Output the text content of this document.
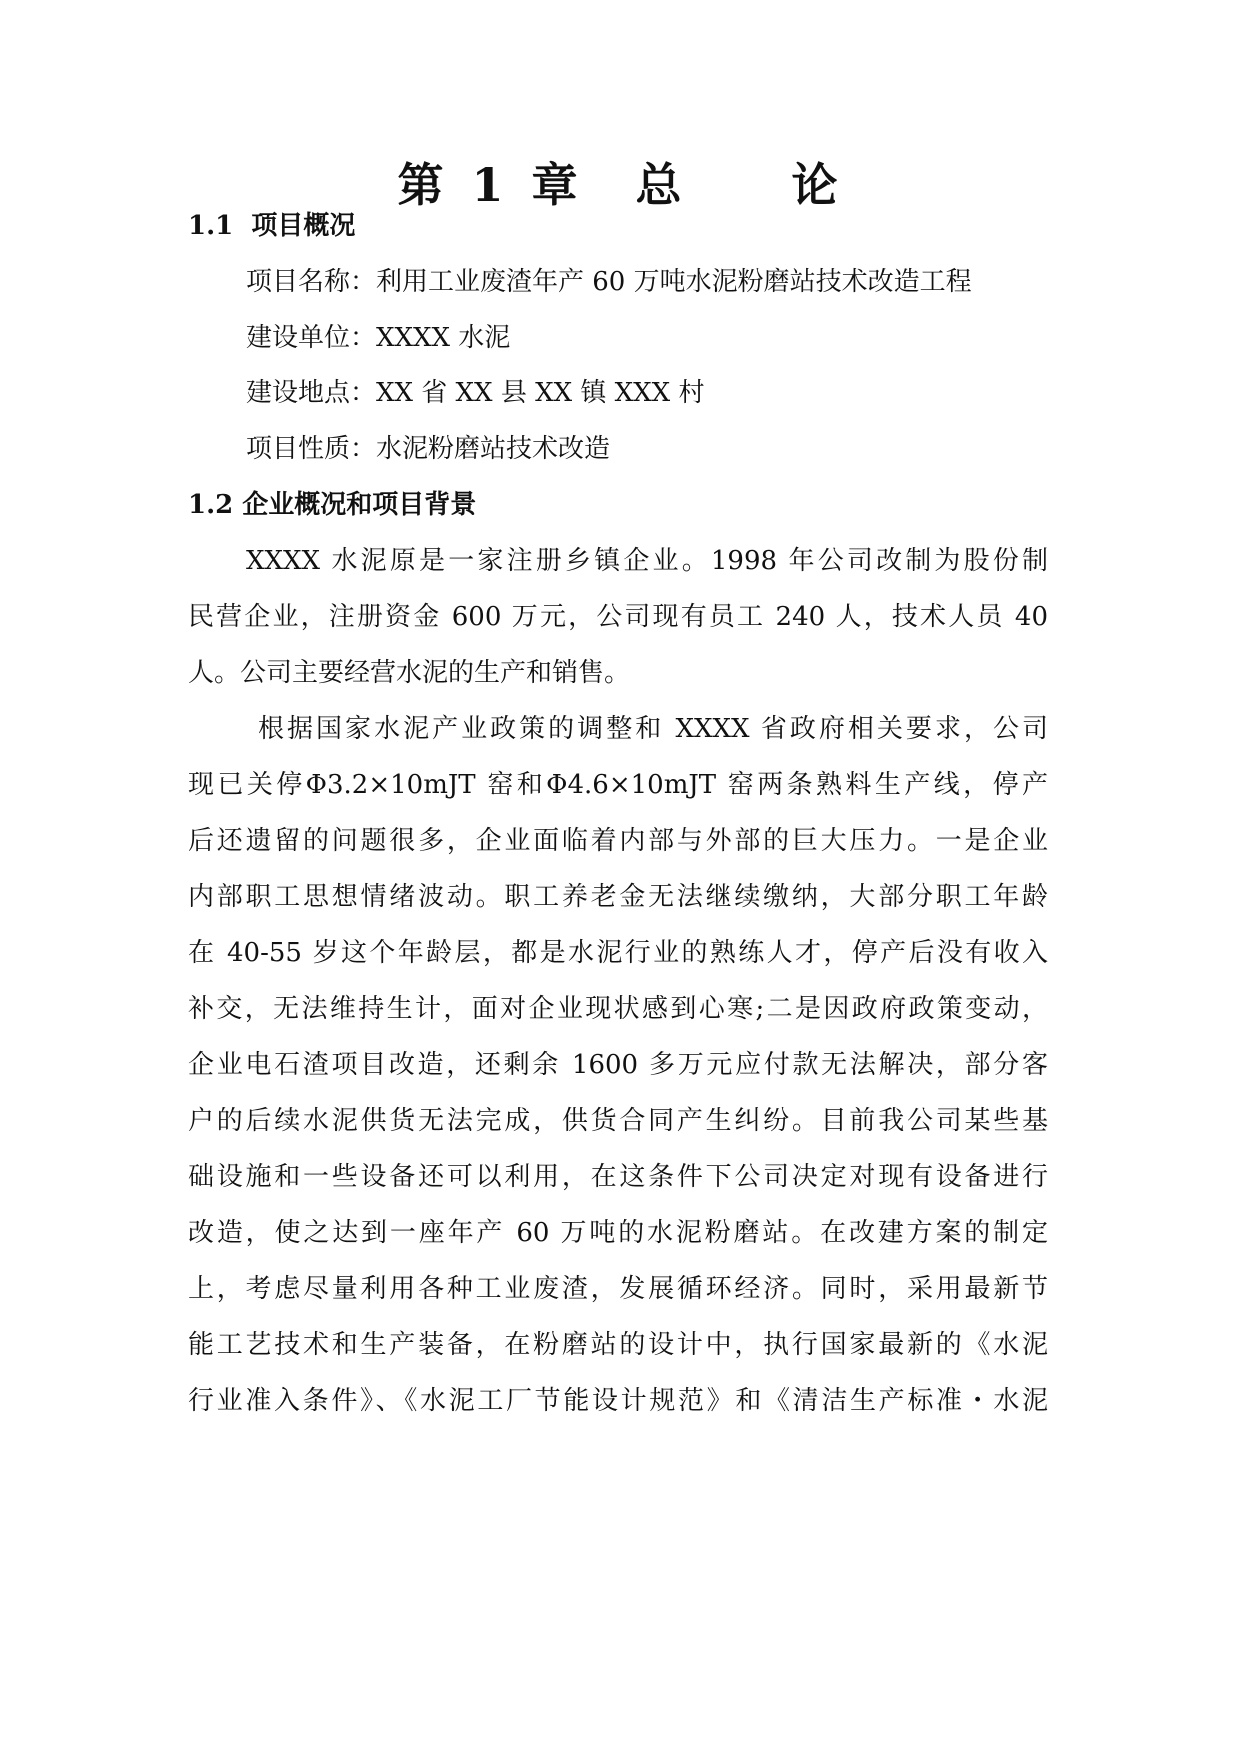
第 1 章　总　　论
1.1  项目概况
项目名称：利用工业废渣年产 60 万吨水泥粉磨站技术改造工程
建设单位：XXXX 水泥
建设地点：XX 省 XX 县 XX 镇 XXX 村
项目性质：水泥粉磨站技术改造
1.2 企业概况和项目背景
XXXX 水泥原是一家注册乡镇企业。1998 年公司改制为股份制
民营企业，注册资金 600 万元，公司现有员工 240 人，技术人员 40
人。公司主要经营水泥的生产和销售。
根据国家水泥产业政策的调整和 XXXX 省政府相关要求，公司
现已关停Φ3.2×10mJT 窑和Φ4.6×10mJT 窑两条熟料生产线，停产
后还遗留的问题很多，企业面临着内部与外部的巨大压力。一是企业
内部职工思想情绪波动。职工养老金无法继续缴纳，大部分职工年龄
在 40-55 岁这个年龄层，都是水泥行业的熟练人才，停产后没有收入
补交，无法维持生计，面对企业现状感到心寒;二是因政府政策变动，
企业电石渣项目改造，还剩余 1600 多万元应付款无法解决，部分客
户的后续水泥供货无法完成，供货合同产生纠纷。目前我公司某些基
础设施和一些设备还可以利用，在这条件下公司决定对现有设备进行
改造，使之达到一座年产 60 万吨的水泥粉磨站。在改建方案的制定
上，考虑尽量利用各种工业废渣，发展循环经济。同时，采用最新节
能工艺技术和生产装备，在粉磨站的设计中，执行国家最新的《水泥
行业准入条件》、《水泥工厂节能设计规范》和《清洁生产标准・水泥
